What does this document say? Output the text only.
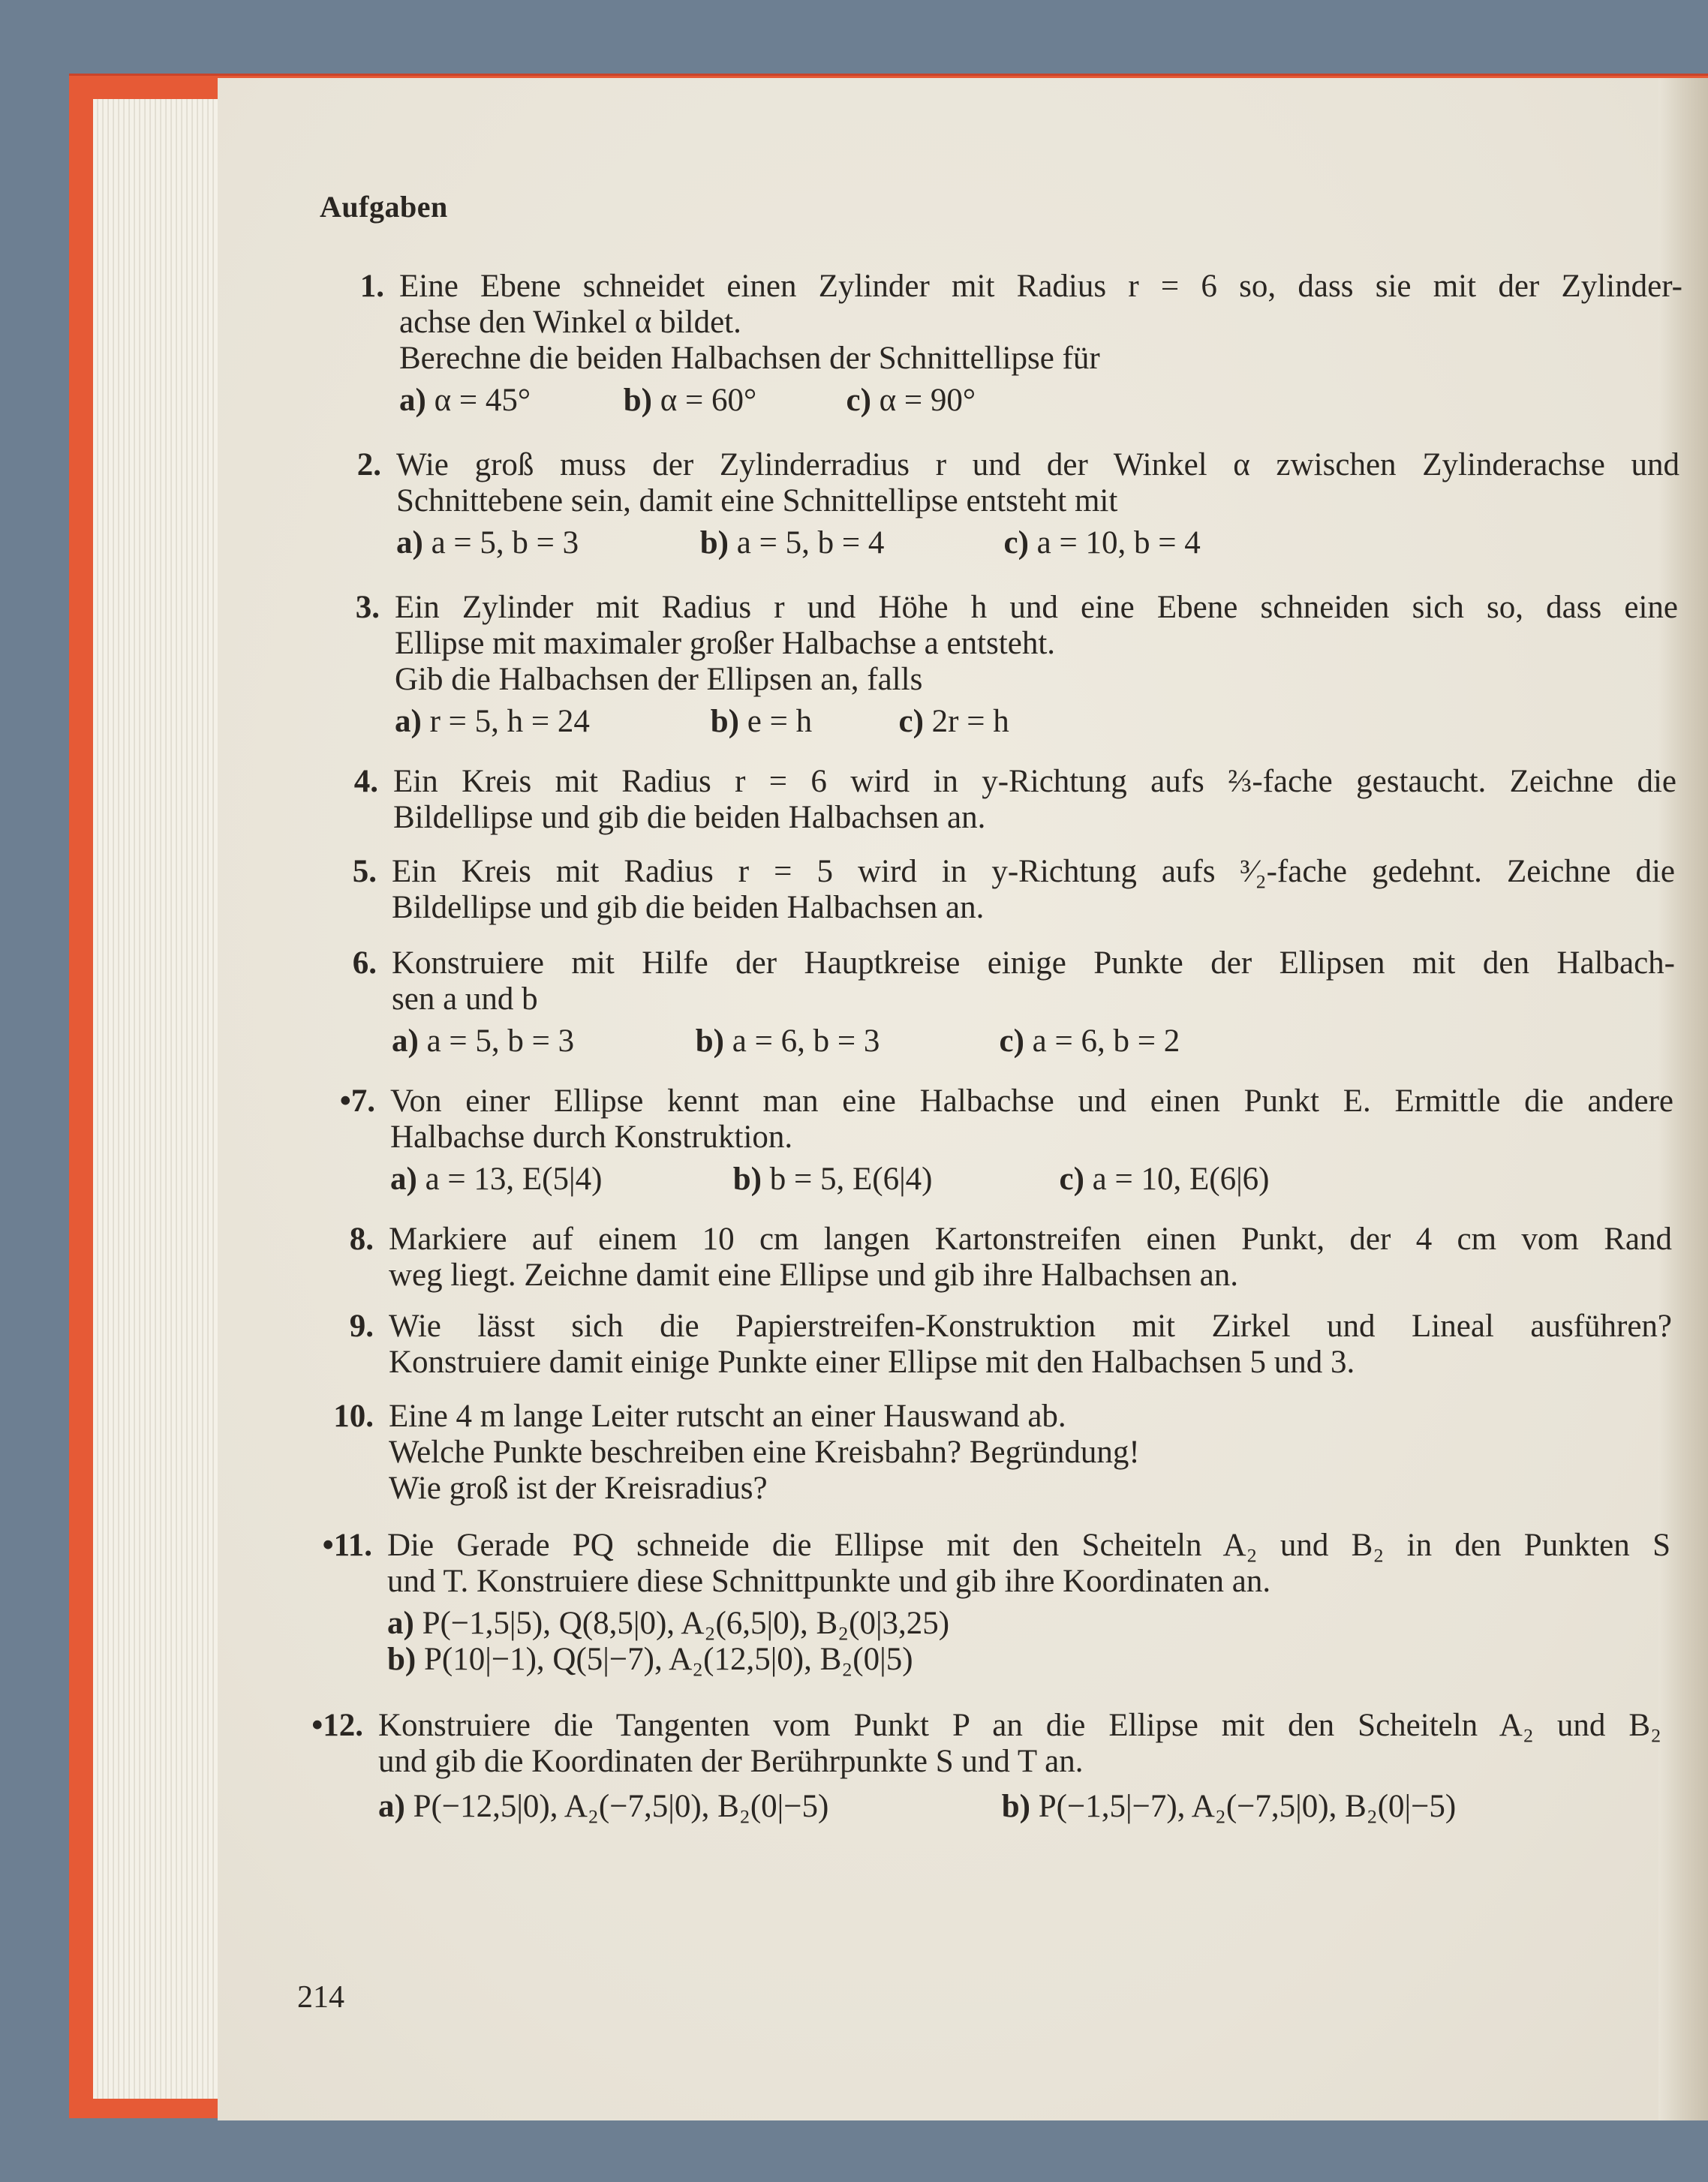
Aufgaben
1. Eine Ebene schneidet einen Zylinder mit Radius r = 6 so, dass sie mit der Zylinder-
achse den Winkel α bildet.
Berechne die beiden Halbachsen der Schnittellipse für
a) α = 45°	b) α = 60°	c) α = 90°
2. Wie groß muss der Zylinderradius r und der Winkel α zwischen Zylinderachse und
Schnittebene sein, damit eine Schnittellipse entsteht mit
a) a = 5, b = 3	b) a = 5, b = 4	c) a = 10, b = 4
3. Ein Zylinder mit Radius r und Höhe h und eine Ebene schneiden sich so, dass eine
Ellipse mit maximaler großer Halbachse a entsteht.
Gib die Halbachsen der Ellipsen an, falls
a) r = 5, h = 24	b) e = h	c) 2r = h
4. Ein Kreis mit Radius r = 6 wird in y-Richtung aufs ⅔-fache gestaucht. Zeichne die
Bildellipse und gib die beiden Halbachsen an.
5. Ein Kreis mit Radius r = 5 wird in y-Richtung aufs ³⁄₂-fache gedehnt. Zeichne die
Bildellipse und gib die beiden Halbachsen an.
6. Konstruiere mit Hilfe der Hauptkreise einige Punkte der Ellipsen mit den Halbach-
sen a und b
a) a = 5, b = 3	b) a = 6, b = 3	c) a = 6, b = 2
•7. Von einer Ellipse kennt man eine Halbachse und einen Punkt E. Ermittle die andere
Halbachse durch Konstruktion.
a) a = 13, E(5|4)	b) b = 5, E(6|4)	c) a = 10, E(6|6)
8. Markiere auf einem 10 cm langen Kartonstreifen einen Punkt, der 4 cm vom Rand
weg liegt. Zeichne damit eine Ellipse und gib ihre Halbachsen an.
9. Wie lässt sich die Papierstreifen-Konstruktion mit Zirkel und Lineal ausführen?
Konstruiere damit einige Punkte einer Ellipse mit den Halbachsen 5 und 3.
10. Eine 4 m lange Leiter rutscht an einer Hauswand ab.
Welche Punkte beschreiben eine Kreisbahn? Begründung!
Wie groß ist der Kreisradius?
•11. Die Gerade PQ schneide die Ellipse mit den Scheiteln A₂ und B₂ in den Punkten S
und T. Konstruiere diese Schnittpunkte und gib ihre Koordinaten an.
a) P(−1,5|5), Q(8,5|0), A₂(6,5|0), B₂(0|3,25)
b) P(10|−1), Q(5|−7), A₂(12,5|0), B₂(0|5)
•12. Konstruiere die Tangenten vom Punkt P an die Ellipse mit den Scheiteln A₂ und B₂
und gib die Koordinaten der Berührpunkte S und T an.
a) P(−12,5|0), A₂(−7,5|0), B₂(0|−5)	b) P(−1,5|−7), A₂(−7,5|0), B₂(0|−5)
214
